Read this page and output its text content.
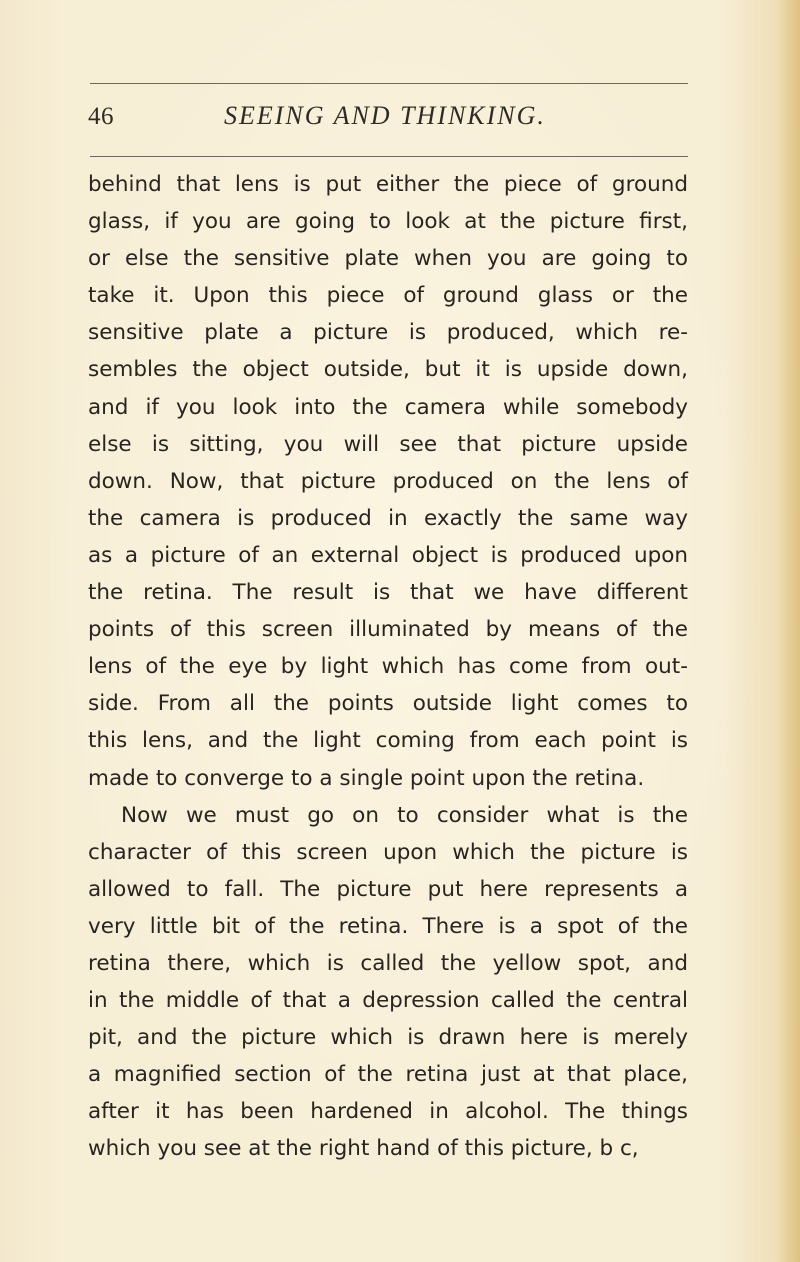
46	SEEING AND THINKING.
behind that lens is put either the piece of ground
glass, if you are going to look at the picture first,
or else the sensitive plate when you are going to
take it. Upon this piece of ground glass or the
sensitive plate a picture is produced, which re-
sembles the object outside, but it is upside down,
and if you look into the camera while somebody
else is sitting, you will see that picture upside
down. Now, that picture produced on the lens of
the camera is produced in exactly the same way
as a picture of an external object is produced upon
the retina. The result is that we have different
points of this screen illuminated by means of the
lens of the eye by light which has come from out-
side. From all the points outside light comes to
this lens, and the light coming from each point is
made to converge to a single point upon the retina.
Now we must go on to consider what is the
character of this screen upon which the picture is
allowed to fall. The picture put here represents a
very little bit of the retina. There is a spot of the
retina there, which is called the yellow spot, and
in the middle of that a depression called the central
pit, and the picture which is drawn here is merely
a magnified section of the retina just at that place,
after it has been hardened in alcohol. The things
which you see at the right hand of this picture, b c,
